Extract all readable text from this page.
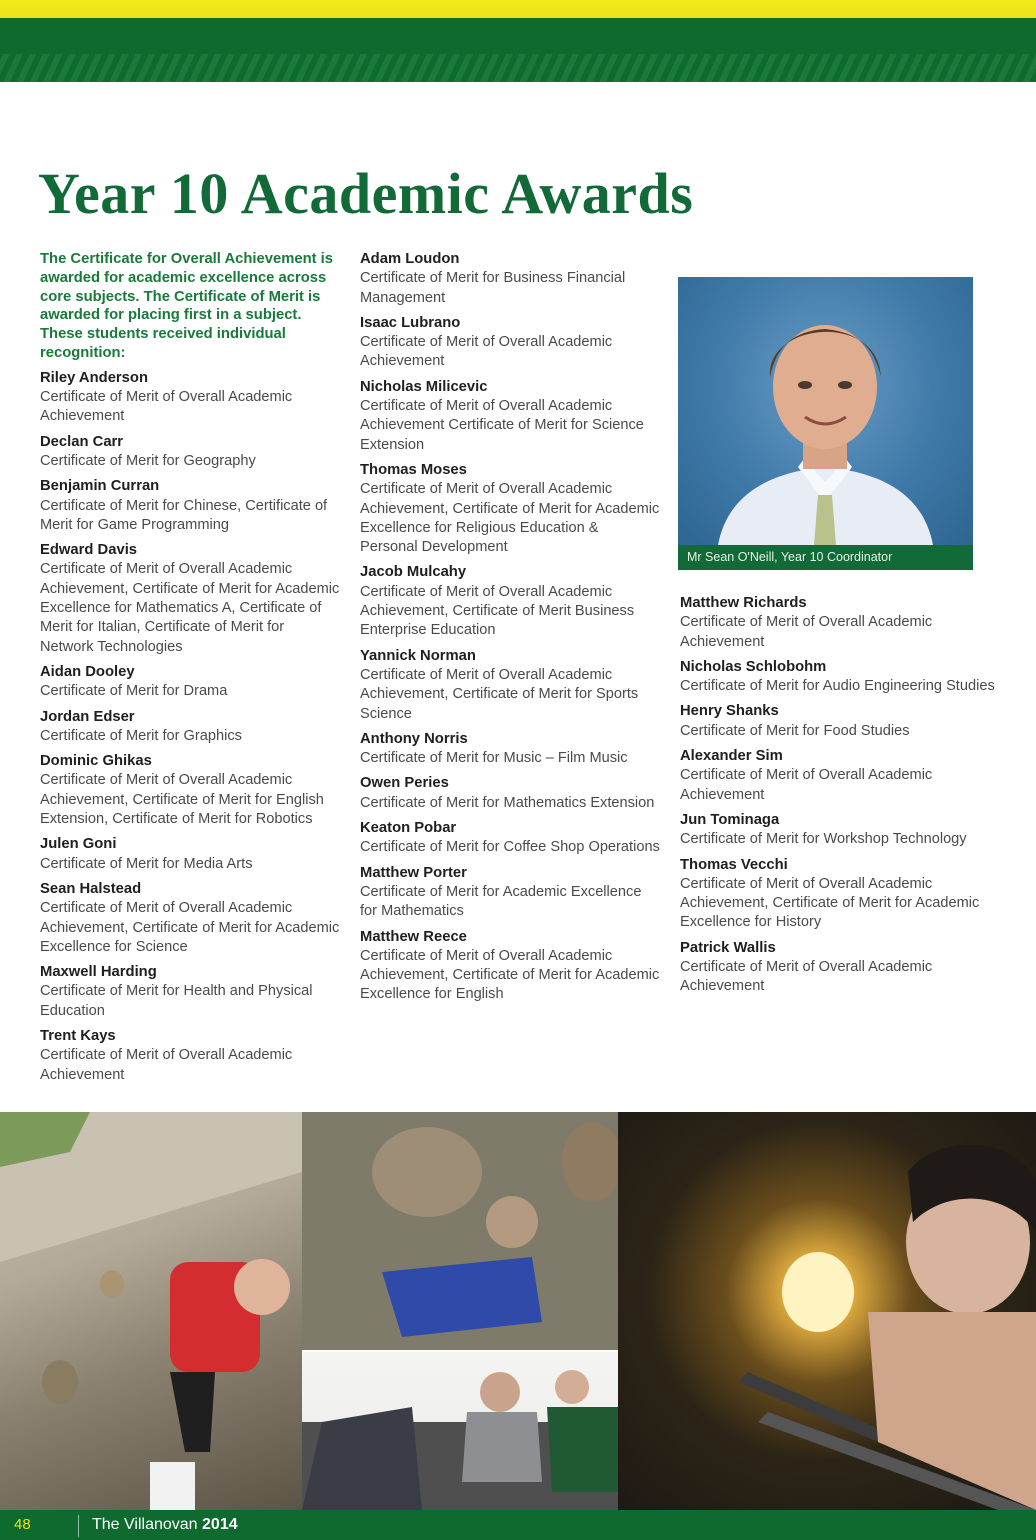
Year 10 Academic Awards

The Certificate for Overall Achievement is awarded for academic excellence across core subjects. The Certificate of Merit is awarded for placing first in a subject. These students received individual recognition:

Riley Anderson
Certificate of Merit of Overall Academic Achievement
Declan Carr
Certificate of Merit for Geography
Benjamin Curran
Certificate of Merit for Chinese, Certificate of Merit for Game Programming
Edward Davis
Certificate of Merit of Overall Academic Achievement, Certificate of Merit for Academic Excellence for Mathematics A, Certificate of Merit for Italian, Certificate of Merit for Network Technologies
Aidan Dooley
Certificate of Merit for Drama
Jordan Edser
Certificate of Merit for Graphics
Dominic Ghikas
Certificate of Merit of Overall Academic Achievement, Certificate of Merit for English Extension, Certificate of Merit for Robotics
Julen Goni
Certificate of Merit for Media Arts
Sean Halstead
Certificate of Merit of Overall Academic Achievement, Certificate of Merit for Academic Excellence for Science
Maxwell Harding
Certificate of Merit for Health and Physical Education
Trent Kays
Certificate of Merit of Overall Academic Achievement
Adam Loudon
Certificate of Merit for Business Financial Management
Isaac Lubrano
Certificate of Merit of Overall Academic Achievement
Nicholas Milicevic
Certificate of Merit of Overall Academic Achievement Certificate of Merit for Science Extension
Thomas Moses
Certificate of Merit of Overall Academic Achievement, Certificate of Merit for Academic Excellence for Religious Education & Personal Development
Jacob Mulcahy
Certificate of Merit of Overall Academic Achievement, Certificate of Merit Business Enterprise Education
Yannick Norman
Certificate of Merit of Overall Academic Achievement, Certificate of Merit for Sports Science
Anthony Norris
Certificate of Merit for Music – Film Music
Owen Peries
Certificate of Merit for Mathematics Extension
Keaton Pobar
Certificate of Merit for Coffee Shop Operations
Matthew Porter
Certificate of Merit for Academic Excellence for Mathematics
Matthew Reece
Certificate of Merit of Overall Academic Achievement, Certificate of Merit for Academic Excellence for English
Mr Sean O'Neill, Year 10 Coordinator
Matthew Richards
Certificate of Merit of Overall Academic Achievement
Nicholas Schlobohm
Certificate of Merit for Audio Engineering Studies
Henry Shanks
Certificate of Merit for Food Studies
Alexander Sim
Certificate of Merit of Overall Academic Achievement
Jun Tominaga
Certificate of Merit for Workshop Technology
Thomas Vecchi
Certificate of Merit of Overall Academic Achievement, Certificate of Merit for Academic Excellence for History
Patrick Wallis
Certificate of Merit of Overall Academic Achievement
48	The Villanovan 2014
